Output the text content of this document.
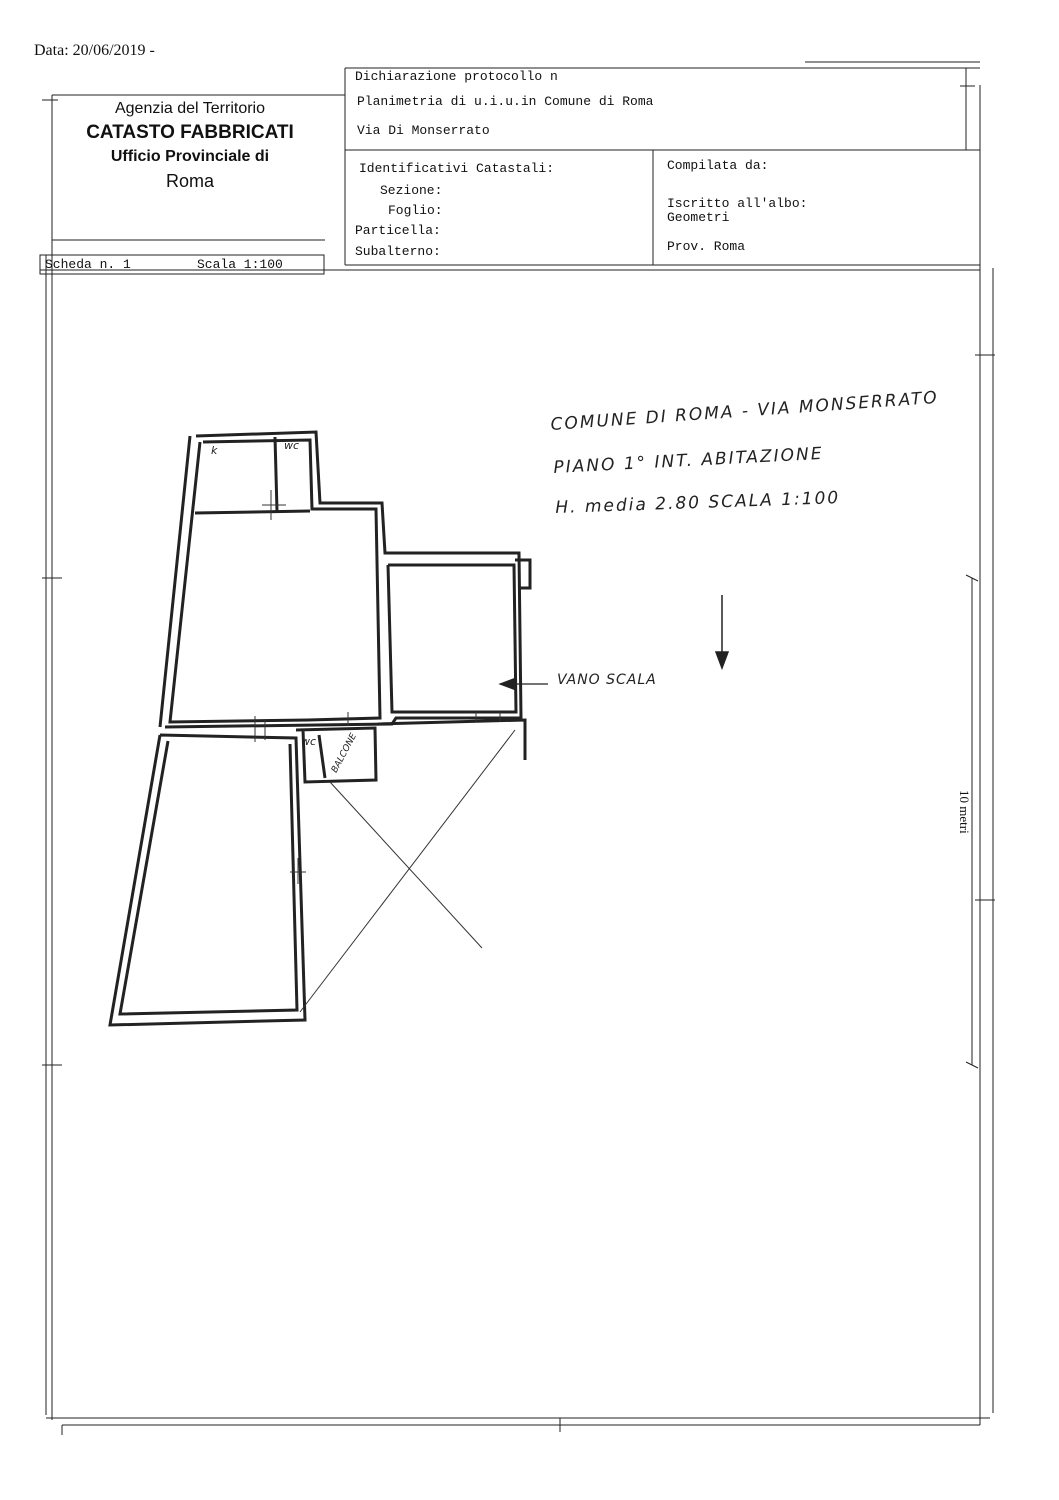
Data: 20/06/2019 -
Agenzia del Territorio
CATASTO FABBRICATI
Ufficio Provinciale di
Roma
Dichiarazione protocollo n
Planimetria di u.i.u.in Comune di Roma
Via Di Monserrato
Identificativi Catastali:
Sezione:
Foglio:
Particella:
Subalterno:
Compilata da:
Iscritto all'albo:
Geometri
Prov. Roma
Scheda n. 1	Scala 1:100
COMUNE DI ROMA - VIA MONSERRATO
PIANO 1° INT. ABITAZIONE
H. media 2.80 SCALA 1:100
k	wc
wc BALCONE
VANO SCALA
10 metri
